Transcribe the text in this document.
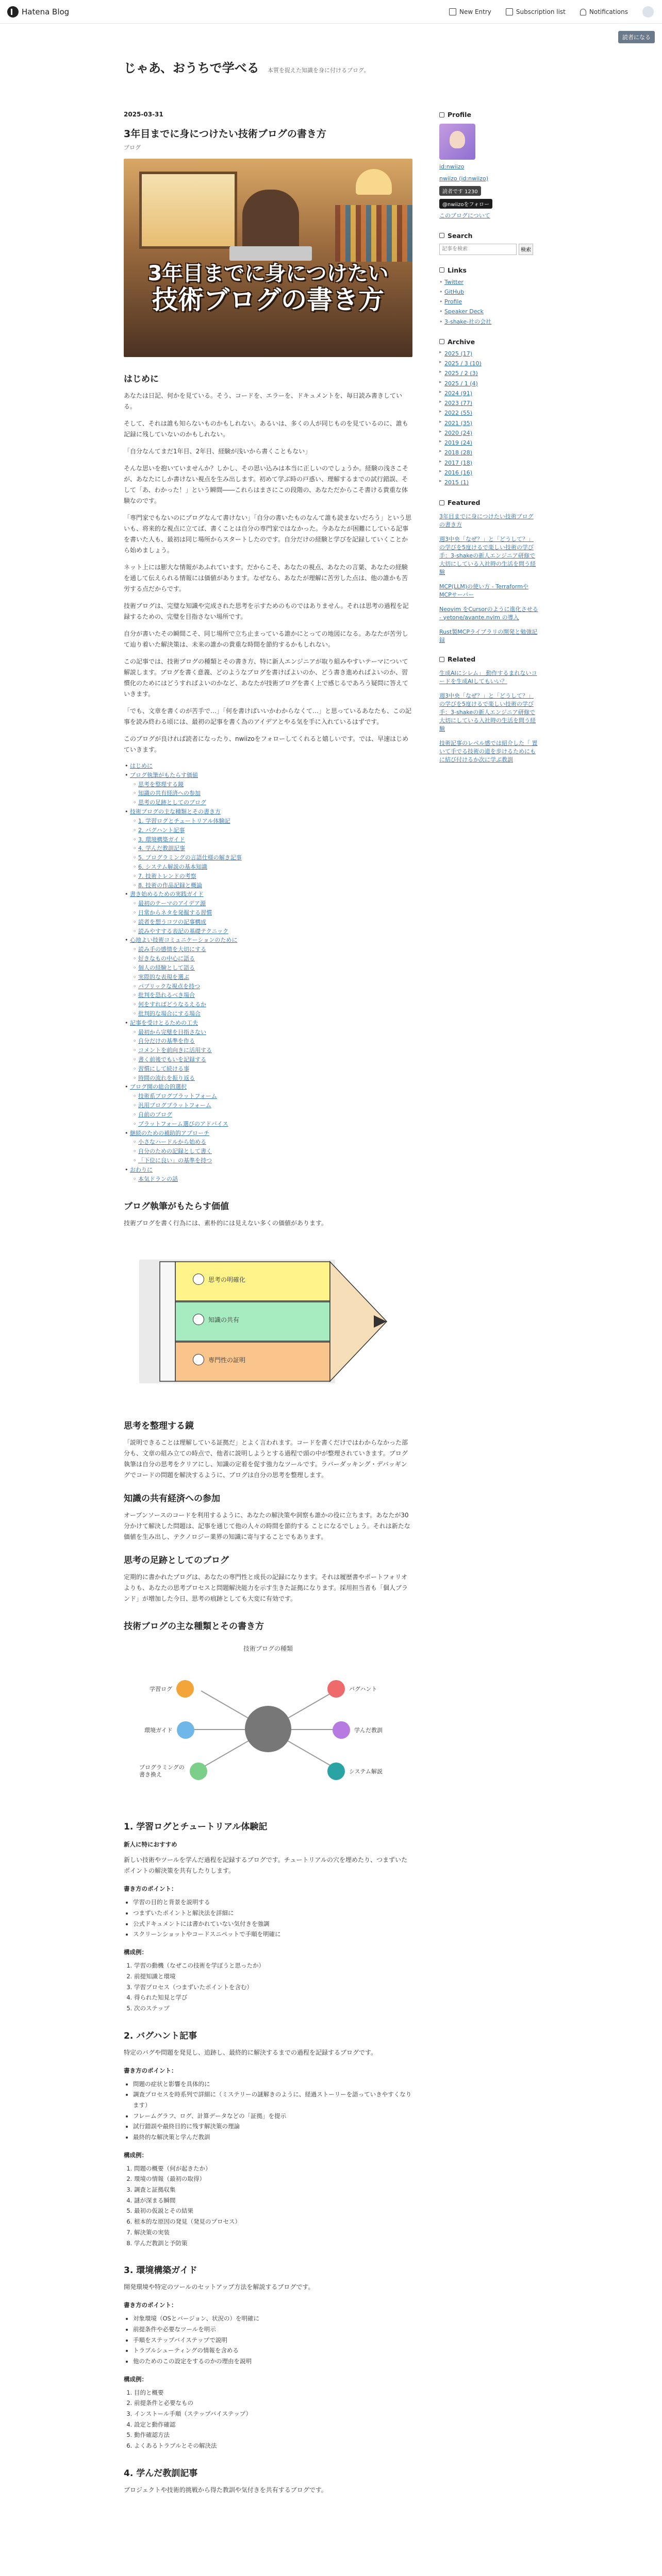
Hatena Blog	New Entry	Subscription list	Notifications
読者になる
じゃあ、おうちで学べる 本質を捉えた知識を身に付けるブログ。
2025-03-31
3年目までに身につけたい技術ブログの書き方
ブログ
3年目までに身につけたい
技術ブログの書き方
はじめに
あなたは日記、何かを見ている。そう、コードを、エラーを、ドキュメントを、毎日読み書きしている。
そして、それは誰も知らないものかもしれない。あるいは、多くの人が同じものを見ているのに、誰も記録に残していないのかもしれない。
「自分なんてまだ1年目、2年目、経験が浅いから書くこともない」
そんな思いを抱いていませんか？しかし、その思い込みは本当に正しいのでしょうか。経験の浅さこそが、あなたにしか書けない視点を生み出します。初めて学ぶ時の戸惑い、理解するまでの試行錯誤、そして「あ、わかった！」という瞬間――これらはまさにこの段階の、あなただからこそ書ける貴重な体験なのです。
「専門家でもないのにブログなんて書けない」「自分の書いたものなんて誰も読まないだろう」という思いも、将来的な視点に立てば、書くことは自分の専門家ではなかった。今あなたが困難にしている記事を書いた人も、最初は同じ場所からスタートしたのです。自分だけの経験と学びを記録していくことから始めましょう。
ネット上には膨大な情報があふれています。だからこそ、あなたの視点、あなたの言葉、あなたの経験を通して伝えられる情報には価値があります。なぜなら、あなたが理解に苦労した点は、他の誰かも苦労する点だからです。
技術ブログは、完璧な知識や完成された思考を示すためのものではありません。それは思考の過程を記録するための、完璧を目指さない場所です。
自分が書いたその瞬間こそ、同じ場所で立ち止まっている誰かにとっての地図になる。あなたが苦労して辿り着いた解決策は、未来の誰かの貴重な時間を節約するかもしれない。
この記事では、技術ブログの種類とその書き方、特に新人エンジニアが取り組みやすいテーマについて解説します。ブログを書く意義、どのようなブログを書けばよいのか、どう書き進めればよいのか、習慣化のためにはどうすればよいのかなど、あなたが技術ブログを書く上で感じるであろう疑問に答えていきます。
「でも、文章を書くのが苦手で…」「何を書けばいいかわからなくて…」と思っているあなたも、この記事を読み終わる頃には、最初の記事を書く為のアイデアとやる気を手に入れているはずです。
このブログが良ければ読者になったり、nwiizoをフォローしてくれると嬉しいです。では、早速はじめていきます。
• はじめに
• ブログ執筆がもたらす価値
◦ 思考を整理する鏡
◦ 知識の共有経済への参加
◦ 思考の足跡としてのブログ
• 技術ブログの主な種類とその書き方
◦ 1. 学習ログとチュートリアル体験記
◦ 2. バグハント記事
◦ 3. 環境構築ガイド
◦ 4. 学んだ教訓記事
◦ 5. プログラミングの言語仕様の解き記事
◦ 6. システム解説の基本知識
◦ 7. 技術トレンドの考察
◦ 8. 技術の作品記録と概論
• 書き始めるための実践ガイド
◦ 最初のテーマのアイデア源
◦ 日常からネタを発掘する習慣
◦ 読者を想うコツの記事構成
◦ 読みやすする表記の基礎テクニック
• 心地よい技術コミュニケーションのために
◦ 読み手の感情を大切にする
◦ 好きなもの中心に語る
◦ 個人の経験として語る
◦ 実際的な表現を選ぶ
◦ パブリックな視点を持つ
◦ 批判を恐れるべき場合
◦ 何をすればどうなるえるか
◦ 批判的な場合にする場合
• 記事を受けとるための工夫
◦ 最初から完璧を目指さない
◦ 自分だけの基準を作る
◦ コメントを前向きに活用する
◦ 書く前後でもいを記録する
◦ 習慣にして続ける事
◦ 時間の流れを振り返る
• ブログ開の総合的選択
◦ 技術系ブログプラットフォーム
◦ 汎用ブログプラットフォーム
◦ 自前のブログ
◦ プラットフォーム選びのアドバイス
• 継続のための補助的アプローチ
◦ 小さなハードルから始める
◦ 自分のための記録として書く
◦ 「下位に良い」の基準を持つ
• おわりに
◦ 本気ドランの話
ブログ執筆がもたらす価値
技術ブログを書く行為には、素朴的には見えない多くの価値があります。
思考の明確化
知識の共有
専門性の証明
思考を整理する鏡
「説明できることは理解している証拠だ」とよく言われます。コードを書くだけではわからなかった部分も、文章の組み立ての時点で、他者に説明しようとする過程で頭の中が整理されていきます。ブログ執筆は自分の思考をクリアにし、知識の定着を促す強力なツールです。ラバーダッキング・デバッギングでコードの問題を解決するように、ブログは自分の思考を整理します。
知識の共有経済への参加
オープンソースのコードを利用するように、あなたの解決策や洞察も誰かの役に立ちます。あなたが30分かけて解決した問題は、記事を通じて他の人々の時間を節約する ことになるでしょう。それは新たな価値を生み出し、テクノロジー業界の知識に寄与することでもあります。
思考の足跡としてのブログ
定期的に書かれたブログは、あなたの専門性と成長の記録になります。それは履歴書やポートフォリオよりも、あなたの思考プロセスと問題解決能力を示す生きた証拠になります。採用担当者も「個人ブランド」が増加した今日、思考の痕跡としても大変に有効です。
技術ブログの主な種類とその書き方
技術ブログの種類
学習ログ
環境ガイド
プログラミングの書き換え
バグハント
学んだ教訓
システム解説
1. 学習ログとチュートリアル体験記
新人に特におすすめ
新しい技術やツールを学んだ過程を記録するブログです。チュートリアルの穴を埋めたり、つまずいたポイントの解決策を共有したりします。
書き方のポイント：
• 学習の目的と背景を説明する
• つまずいたポイントと解決法を詳細に
• 公式ドキュメントには書かれていない気付きを強調
• スクリーンショットやコードスニペットで手順を明確に
構成例：
1. 学習の動機（なぜこの技術を学ぼうと思ったか）
2. 前提知識と環境
3. 学習プロセス（つまずいたポイントを含む）
4. 得られた知見と学び
5. 次のステップ
2. バグハント記事
特定のバグや問題を発見し、追跡し、最終的に解決するまでの過程を記録するブログです。
書き方のポイント：
• 問題の症状と影響を具体的に
• 調査プロセスを時系列で詳細に（ミステリーの謎解きのように、経過ストーリーを語っていきやすくなります）
• フレームグラフ、ログ、計算データなどの「証拠」を提示
• 試行錯誤や最終目的に残す解決策の理論
• 最終的な解決策と学んだ教訓
構成例：
1. 問題の概要（何が起きたか）
2. 環境の情報（最初の取得）
3. 調査と証拠収集
4. 謎が深まる瞬間
5. 最初の仮説とその結果
6. 根本的な原因の発見（発見のプロセス）
7. 解決策の実装
8. 学んだ教訓と予防策
3. 環境構築ガイド
開発環境や特定のツールのセットアップ方法を解説するブログです。
書き方のポイント：
• 対象環境（OSとバージョン、状況の）を明確に
• 前提条件や必要なツールを明示
• 手順をステップバイステップで説明
• トラブルシューティングの情報を含める
• 他のためのこの設定をするのかの理由を説明
構成例：
1. 目的と概要
2. 前提条件と必要なもの
3. インストール手順（ステップバイステップ）
4. 設定と動作確認
5. 動作確認方法
6. よくあるトラブルとその解決法
4. 学んだ教訓記事
プロジェクトや技術的挑戦から得た教訓や気付きを共有するブログです。
Profile
id:nwiizo
nwiizo (id:nwiizo)
読者です 1230
@nwiizoをフォロー
このブログについて
Search
記事を検索
検索
Links
• Twitter
• GitHub
• Profile
• Speaker Deck
• 3-shake-社の会社
Archive
▸ 2025 (17)
▸ 2025 / 3 (10)
▸ 2025 / 2 (3)
▸ 2025 / 1 (4)
▸ 2024 (91)
▸ 2023 (77)
▸ 2022 (55)
▸ 2021 (35)
▸ 2020 (24)
▸ 2019 (24)
▸ 2018 (28)
▸ 2017 (18)
▸ 2016 (16)
▸ 2015 (1)
Featured
3年目までに身につけたい技術ブログの書き方
週3中央「なぜ？」と「どうして？」の学びを5度けるで楽しい技術の学び手：3-shakeの新人エンジニア研修で大切にしている入社時の生活を問う経験
MCP(LLM)の使い方 - TerraformやMCPサーバー
Neovim をCursorのように進化させる - yetone/avante.nvim の導入
Rust製MCPライブラリの開発と勉強記録
Related
生成AIにシレム」 動作するまれないコードを生成AIしてもいい？
週3中央「なぜ？」と「どうして？」の学びを5度けるで楽しい技術の学び手：3-shakeの新人エンジニア研修で大切にしている入社時の生活を問う経験
技術記事のレベル感では紹介した「 置いて手でる技術の道を歩けるためにもに結び付けるか次に学ぶ教訓
